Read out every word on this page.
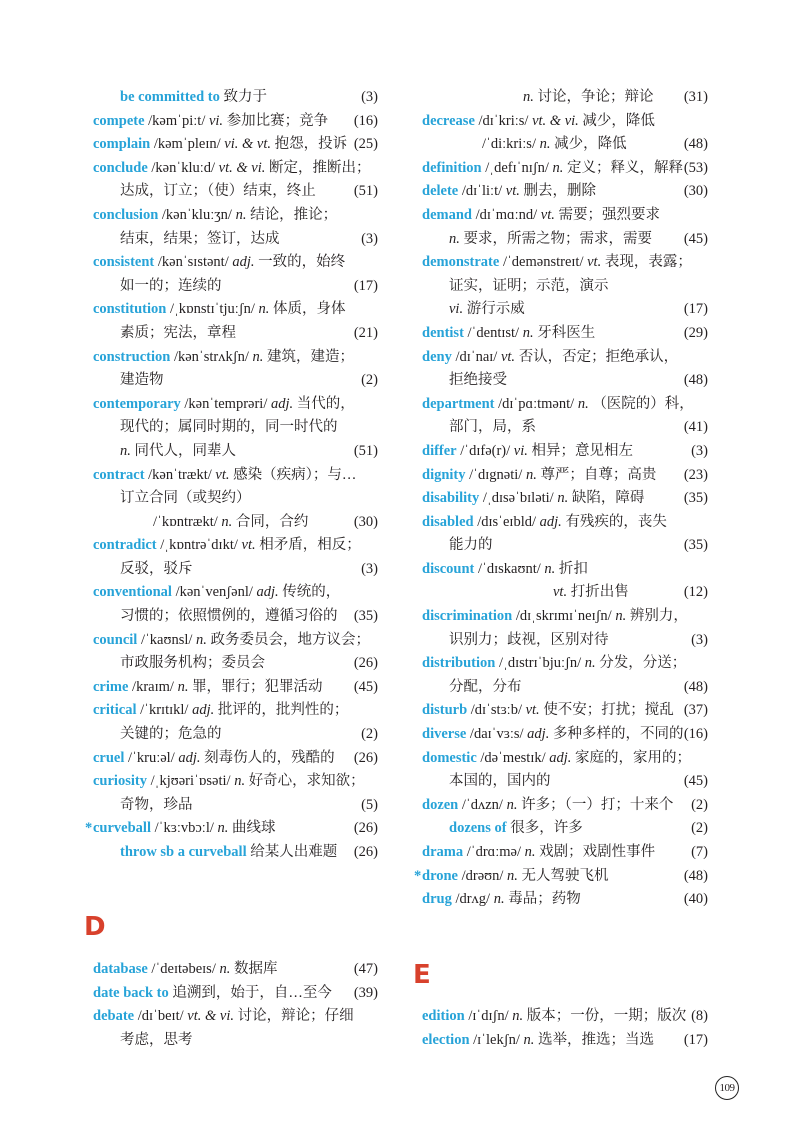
be committed to 致力于	(3)
compete /kəmˈpiːt/ vi. 参加比赛；竞争 (16)
complain /kəmˈpleɪn/ vi. & vt. 抱怨，投诉 (25)
conclude /kənˈkluːd/ vt. & vi. 断定，推断出；
达成，订立；（使）结束，终止	(51)
conclusion /kənˈkluːʒn/ n. 结论，推论；
结束，结果；签订，达成	(3)
consistent /kənˈsɪstənt/ adj. 一致的，始终
如一的；连续的	(17)
constitution /ˌkɒnstɪˈtjuːʃn/ n. 体质，身体
素质；宪法，章程	(21)
construction /kənˈstrʌkʃn/ n. 建筑，建造；
建造物	(2)
contemporary /kənˈtemprəri/ adj. 当代的，
现代的；属同时期的，同一时代的
n. 同代人，同辈人	(51)
contract /kənˈtrækt/ vt. 感染（疾病）；与…
订立合同（或契约）
/ˈkɒntrækt/ n. 合同，合约	(30)
contradict /ˌkɒntrəˈdɪkt/ vt. 相矛盾，相反；
反驳，驳斥	(3)
conventional /kənˈvenʃənl/ adj. 传统的，
习惯的；依照惯例的，遵循习俗的 (35)
council /ˈkaʊnsl/ n. 政务委员会，地方议会；
市政服务机构；委员会	(26)
crime /kraɪm/ n. 罪，罪行；犯罪活动 (45)
critical /ˈkrɪtɪkl/ adj. 批评的，批判性的；
关键的；危急的	(2)
cruel /ˈkruːəl/ adj. 刻毒伤人的，残酷的 (26)
curiosity /ˌkjʊəriˈɒsəti/ n. 好奇心，求知欲；
奇物，珍品	(5)
* curveball /ˈkɜːvbɔːl/ n. 曲线球	(26)
throw sb a curveball 给某人出难题 (26)
n. 讨论，争论；辩论 (31)
decrease /dɪˈkriːs/ vt. & vi. 减少，降低
/ˈdiːkriːs/ n. 减少，降低	(48)
definition /ˌdefɪˈnɪʃn/ n. 定义；释义，解释 (53)
delete /dɪˈliːt/ vt. 删去，删除	(30)
demand /dɪˈmɑːnd/ vt. 需要；强烈要求
n. 要求，所需之物；需求，需要 (45)
demonstrate /ˈdemənstreɪt/ vt. 表现，表露；
证实，证明；示范，演示
vi. 游行示威	(17)
dentist /ˈdentɪst/ n. 牙科医生	(29)
deny /dɪˈnaɪ/ vt. 否认，否定；拒绝承认，
拒绝接受	(48)
department /dɪˈpɑːtmənt/ n. （医院的）科，
部门，局，系	(41)
differ /ˈdɪfə(r)/ vi. 相异；意见相左	(3)
dignity /ˈdɪgnəti/ n. 尊严；自尊；高贵 (23)
disability /ˌdɪsəˈbɪləti/ n. 缺陷，障碍	(35)
disabled /dɪsˈeɪbld/ adj. 有残疾的，丧失
能力的	(35)
discount /ˈdɪskaʊnt/ n. 折扣
vt. 打折出售	(12)
discrimination /dɪˌskrɪmɪˈneɪʃn/ n. 辨别力，
识别力；歧视，区别对待	(3)
distribution /ˌdɪstrɪˈbjuːʃn/ n. 分发，分送；
分配，分布	(48)
disturb /dɪˈstɜːb/ vt. 使不安；打扰；搅乱 (37)
diverse /daɪˈvɜːs/ adj. 多种多样的，不同的 (16)
domestic /dəˈmestɪk/ adj. 家庭的，家用的；
本国的，国内的	(45)
dozen /ˈdʌzn/ n. 许多；（一）打；十来个 (2)
dozens of 很多，许多	(2)
drama /ˈdrɑːmə/ n. 戏剧；戏剧性事件 (7)
* drone /drəʊn/ n. 无人驾驶飞机	(48)
drug /drʌg/ n. 毒品；药物	(40)
D
database /ˈdeɪtəbeɪs/ n. 数据库	(47)
date back to 追溯到，始于，自…至今 (39)
debate /dɪˈbeɪt/ vt. & vi. 讨论，辩论；仔细
考虑，思考
E
edition /ɪˈdɪʃn/ n. 版本；一份，一期；版次 (8)
election /ɪˈlekʃn/ n. 选举，推选；当选 (17)
109
